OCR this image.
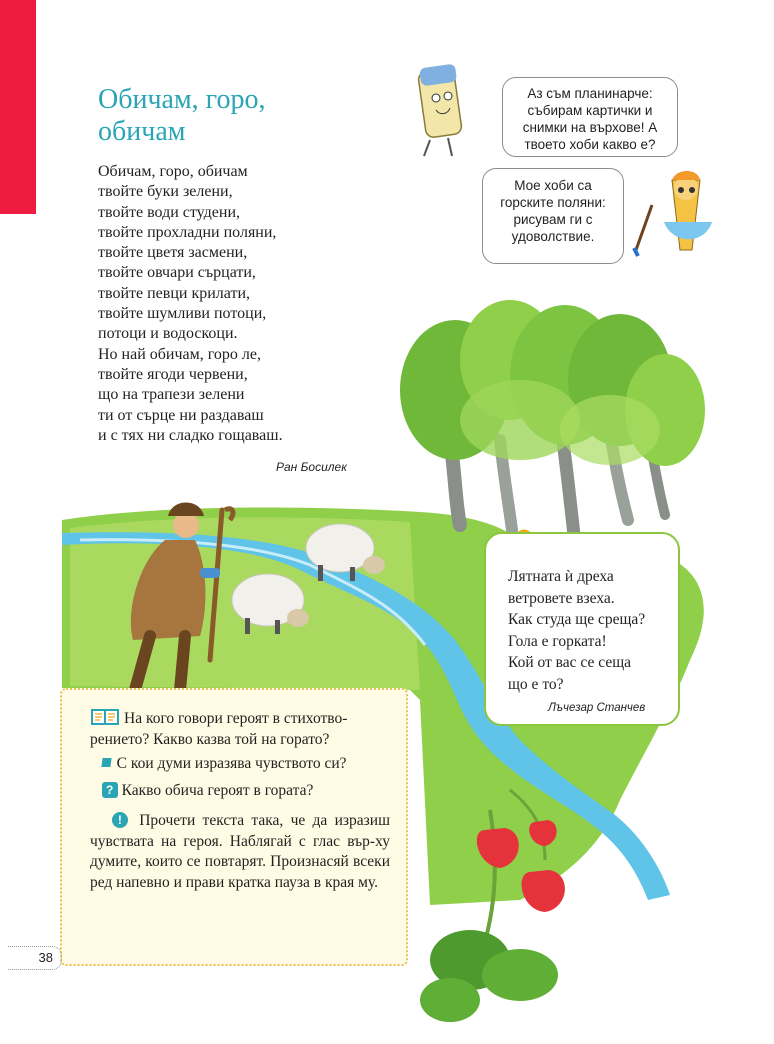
Обичам, горо,
обичам
Обичам, горо, обичам
твойте буки зелени,
твойте води студени,
твойте прохладни поляни,
твойте цветя засмени,
твойте овчари сърцати,
твойте певци крилати,
твойте шумливи потоци,
потоци и водоскоци.
Но най обичам, горо ле,
твойте ягоди червени,
що на трапези зелени
ти от сърце ни раздаваш
и с тях ни сладко гощаваш.
Ран Босилек
Аз съм планинарче:
събирам картички и
снимки на върхове! А
твоето хоби какво е?
Мое хоби са
горските поляни:
рисувам ги с
удоволствие.
Лятната ѝ дреха
ветровете взеха.
Как студа ще среща?
Гола е горката!
Кой от вас се сеща
що е то?
Лъчезар Станчев

На кого говори героят в стихотво-рението? Какво казва той на горато?

С кои думи изразява чувството си?

? Какво обича героят в гората?

! Прочети текста така, че да изразиш чувствата на героя. Наблягай с глас вър-ху думите, които се повтарят. Произнасяй всеки ред напевно и прави кратка пауза в края му.

38
